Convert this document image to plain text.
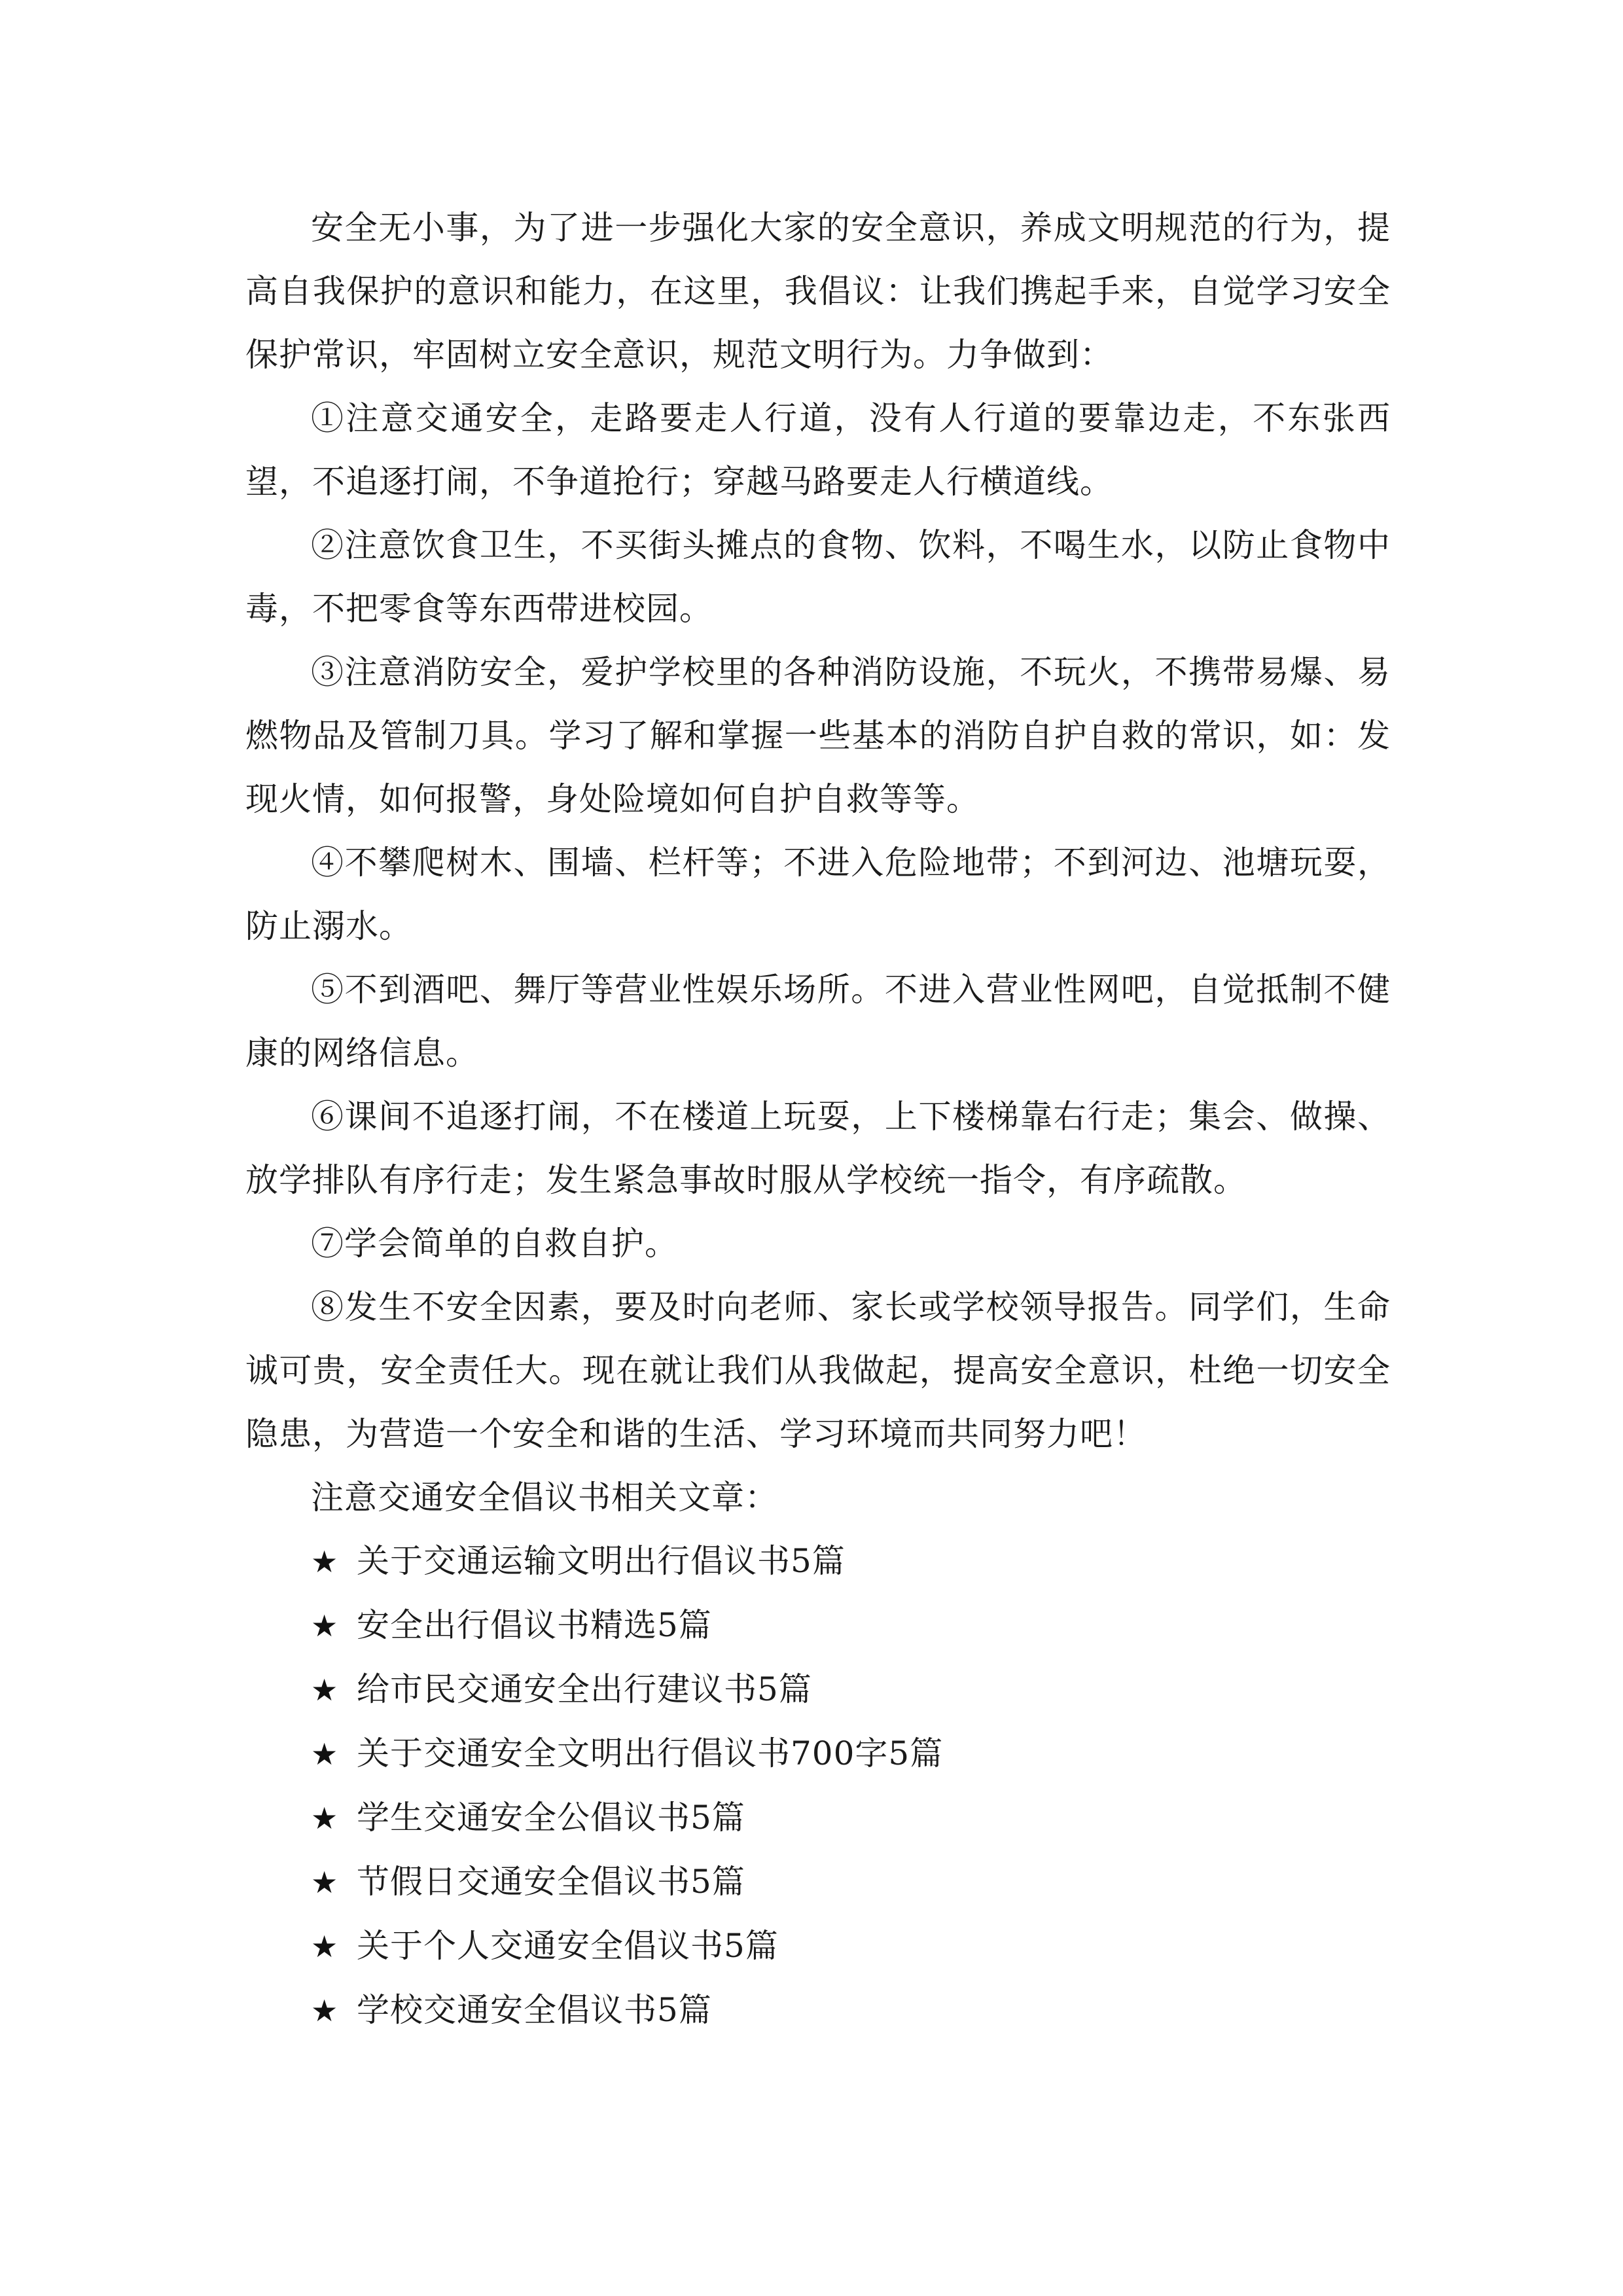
安全无小事，为了进一步强化大家的安全意识，养成文明规范的行为，提高自我保护的意识和能力，在这里，我倡议：让我们携起手来，自觉学习安全保护常识，牢固树立安全意识，规范文明行为。力争做到：

①注意交通安全，走路要走人行道，没有人行道的要靠边走，不东张西望，不追逐打闹，不争道抢行；穿越马路要走人行横道线。

②注意饮食卫生，不买街头摊点的食物、饮料，不喝生水，以防止食物中毒，不把零食等东西带进校园。

③注意消防安全，爱护学校里的各种消防设施，不玩火，不携带易爆、易燃物品及管制刀具。学习了解和掌握一些基本的消防自护自救的常识，如：发现火情，如何报警，身处险境如何自护自救等等。

④不攀爬树木、围墙、栏杆等；不进入危险地带；不到河边、池塘玩耍，防止溺水。

⑤不到酒吧、舞厅等营业性娱乐场所。不进入营业性网吧，自觉抵制不健康的网络信息。

⑥课间不追逐打闹，不在楼道上玩耍，上下楼梯靠右行走；集会、做操、放学排队有序行走；发生紧急事故时服从学校统一指令，有序疏散。

⑦学会简单的自救自护。

⑧发生不安全因素，要及时向老师、家长或学校领导报告。同学们，生命诚可贵，安全责任大。现在就让我们从我做起，提高安全意识，杜绝一切安全隐患，为营造一个安全和谐的生活、学习环境而共同努力吧！

注意交通安全倡议书相关文章：

★ 关于交通运输文明出行倡议书5篇
★ 安全出行倡议书精选5篇
★ 给市民交通安全出行建议书5篇
★ 关于交通安全文明出行倡议书700字5篇
★ 学生交通安全公倡议书5篇
★ 节假日交通安全倡议书5篇
★ 关于个人交通安全倡议书5篇
★ 学校交通安全倡议书5篇
